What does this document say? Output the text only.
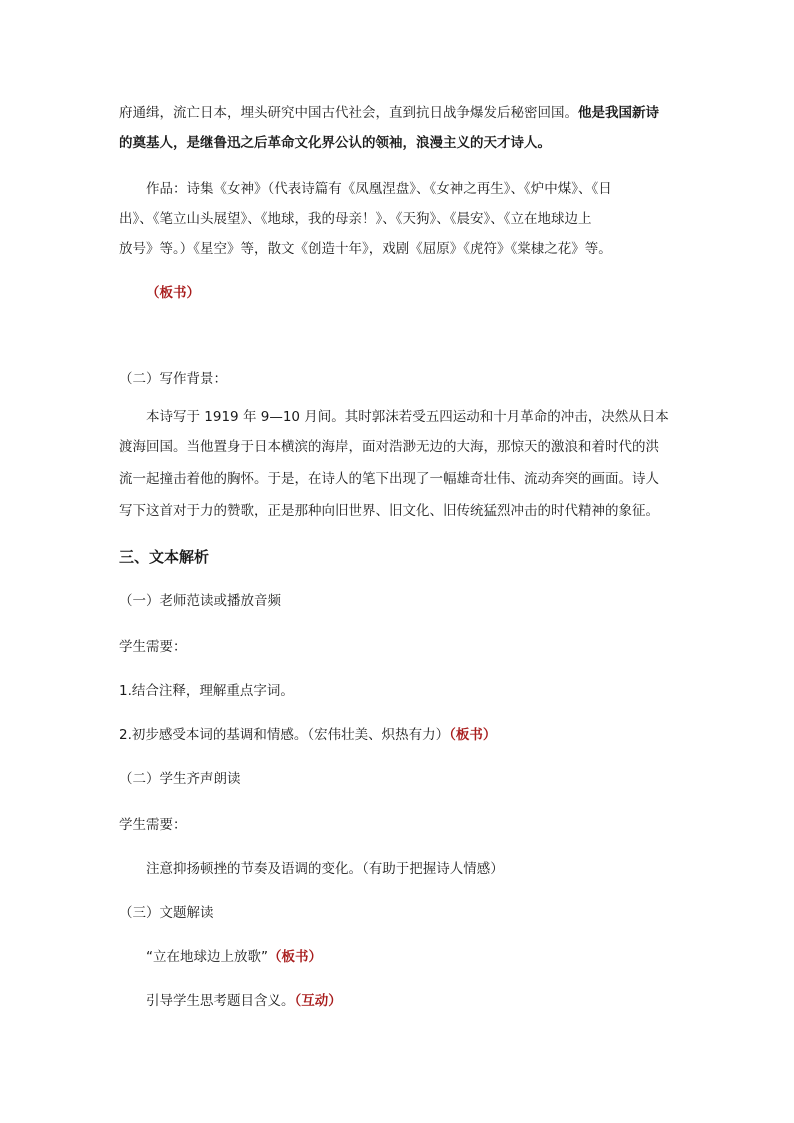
府通缉，流亡日本，埋头研究中国古代社会，直到抗日战争爆发后秘密回国。他是我国新诗
的奠基人，是继鲁迅之后革命文化界公认的领袖，浪漫主义的天才诗人。
作品：诗集《女神》（代表诗篇有《凤凰涅盘》、《女神之再生》、《炉中煤》、《日
出》、《笔立山头展望》、《地球，我的母亲！》、《天狗》、《晨安》、《立在地球边上
放号》等。）《星空》等，散文《创造十年》，戏剧《屈原》《虎符》《棠棣之花》等。
（板书）
（二）写作背景：
本诗写于 1919 年 9—10 月间。其时郭沫若受五四运动和十月革命的冲击，决然从日本
渡海回国。当他置身于日本横滨的海岸，面对浩渺无边的大海，那惊天的激浪和着时代的洪
流一起撞击着他的胸怀。于是，在诗人的笔下出现了一幅雄奇壮伟、流动奔突的画面。诗人
写下这首对于力的赞歌，正是那种向旧世界、旧文化、旧传统猛烈冲击的时代精神的象征。
三、文本解析
（一）老师范读或播放音频
学生需要：
1.结合注释，理解重点字词。
2.初步感受本词的基调和情感。（宏伟壮美、炽热有力）（板书）
（二）学生齐声朗读
学生需要：
注意抑扬顿挫的节奏及语调的变化。（有助于把握诗人情感）
（三）文题解读
“立在地球边上放歌”（板书）
引导学生思考题目含义。（互动）
